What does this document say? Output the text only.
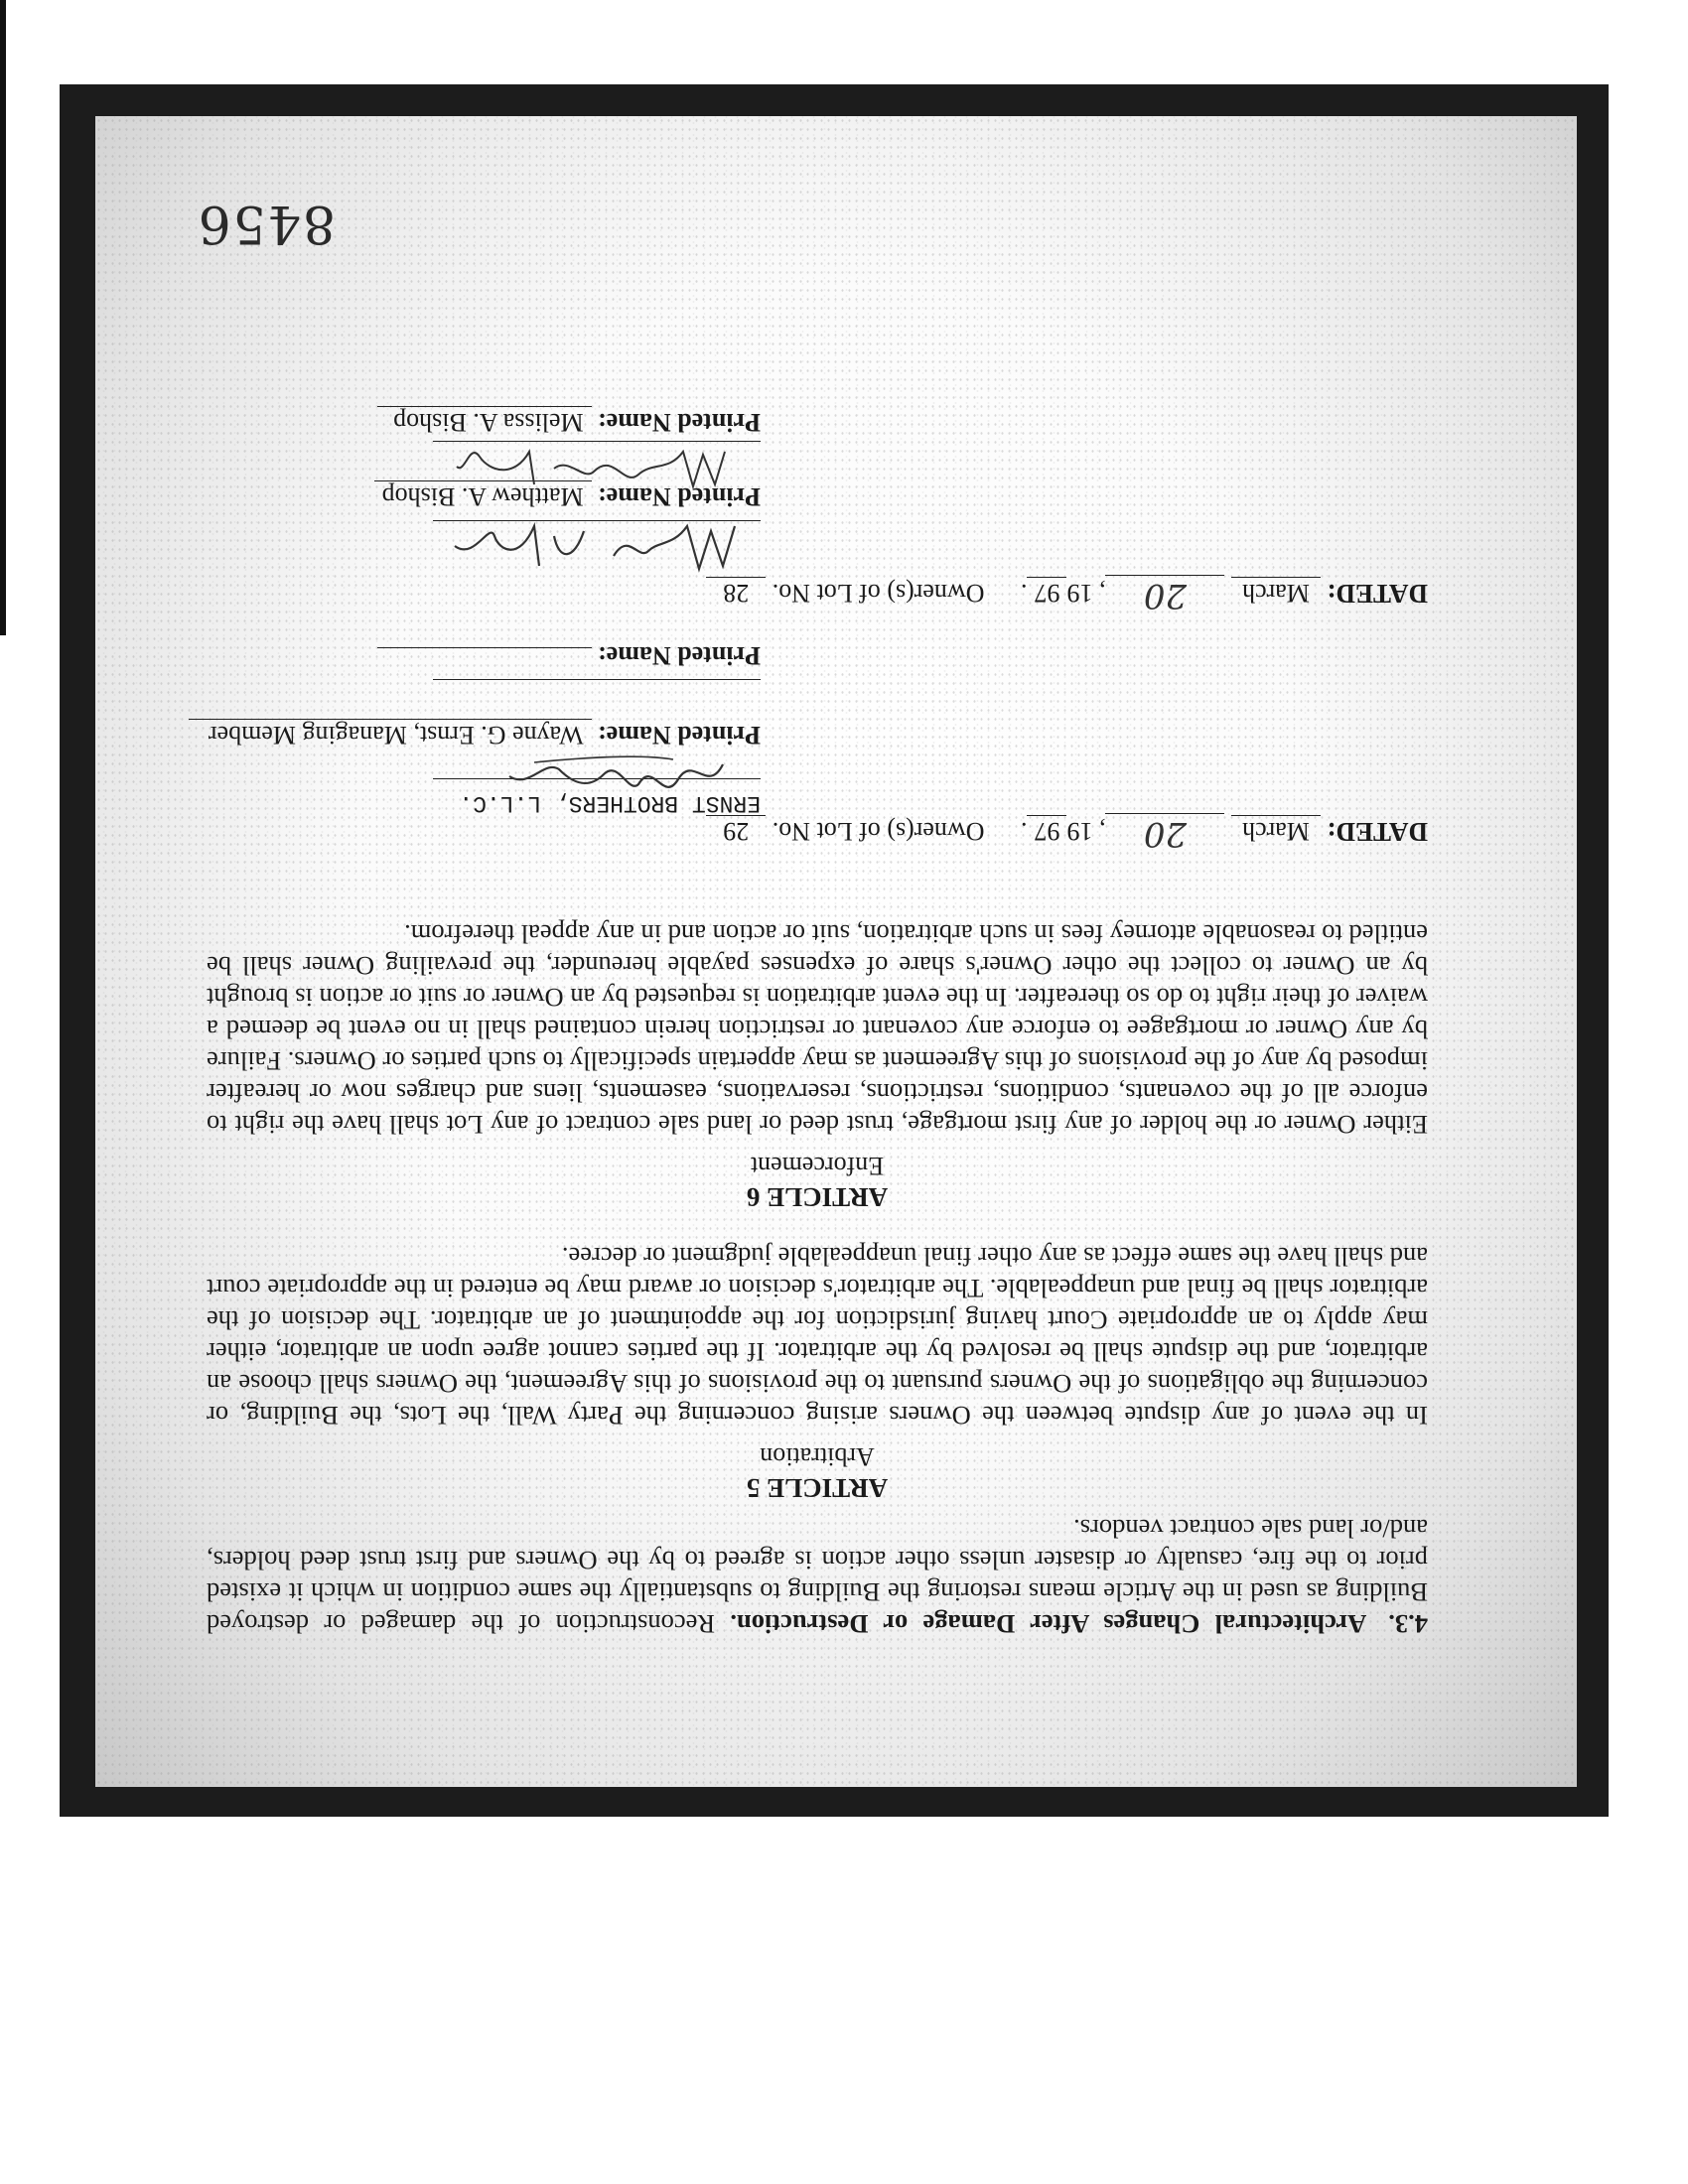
8456
4.3.Architectural Changes After Damage or Destruction. Reconstruction of the damaged or destroyed Building as used in the Article means restoring the Building to substantially the same condition in which it existed prior to the fire, casualty or disaster unless other action is agreed to by the Owners and first trust deed holders, and/or land sale contract vendors.
ARTICLE 5
Arbitration
In the event of any dispute between the Owners arising concerning the Party Wall, the Lots, the Building, or concerning the obligations of the Owners pursuant to the provisions of this Agreement, the Owners shall choose an arbitrator, and the dispute shall be resolved by the arbitrator. If the parties cannot agree upon an arbitrator, either may apply to an appropriate Court having jurisdiction for the appointment of an arbitrator. The decision of the arbitrator shall be final and unappealable. The arbitrator's decision or award may be entered in the appropriate court and shall have the same effect as any other final unappealable judgment or decree.
ARTICLE 6
Enforcement
Either Owner or the holder of any first mortgage, trust deed or land sale contract of any Lot shall have the right to enforce all of the covenants, conditions, restrictions, reservations, easements, liens and charges now or hereafter imposed by any of the provisions of this Agreement as may appertain specifically to such parties or Owners. Failure by any Owner or mortgagee to enforce any covenant or restriction herein contained shall in no event be deemed a waiver of their right to do so thereafter. In the event arbitration is requested by an Owner or suit or action is brought by an Owner to collect the other Owner's share of expenses payable hereunder, the prevailing Owner shall be entitled to reasonable attorney fees in such arbitration, suit or action and in any appeal therefrom.
DATED: March 20, 1997. Owner(s) of Lot No. 29
ERNST BROTHERS, L.L.C.
Printed Name: Wayne G. Ernst, Managing Member
Printed Name:
DATED: March 20, 1997. Owner(s) of Lot No. 28
Printed Name: Matthew A. Bishop
Printed Name: Melissa A. Bishop
